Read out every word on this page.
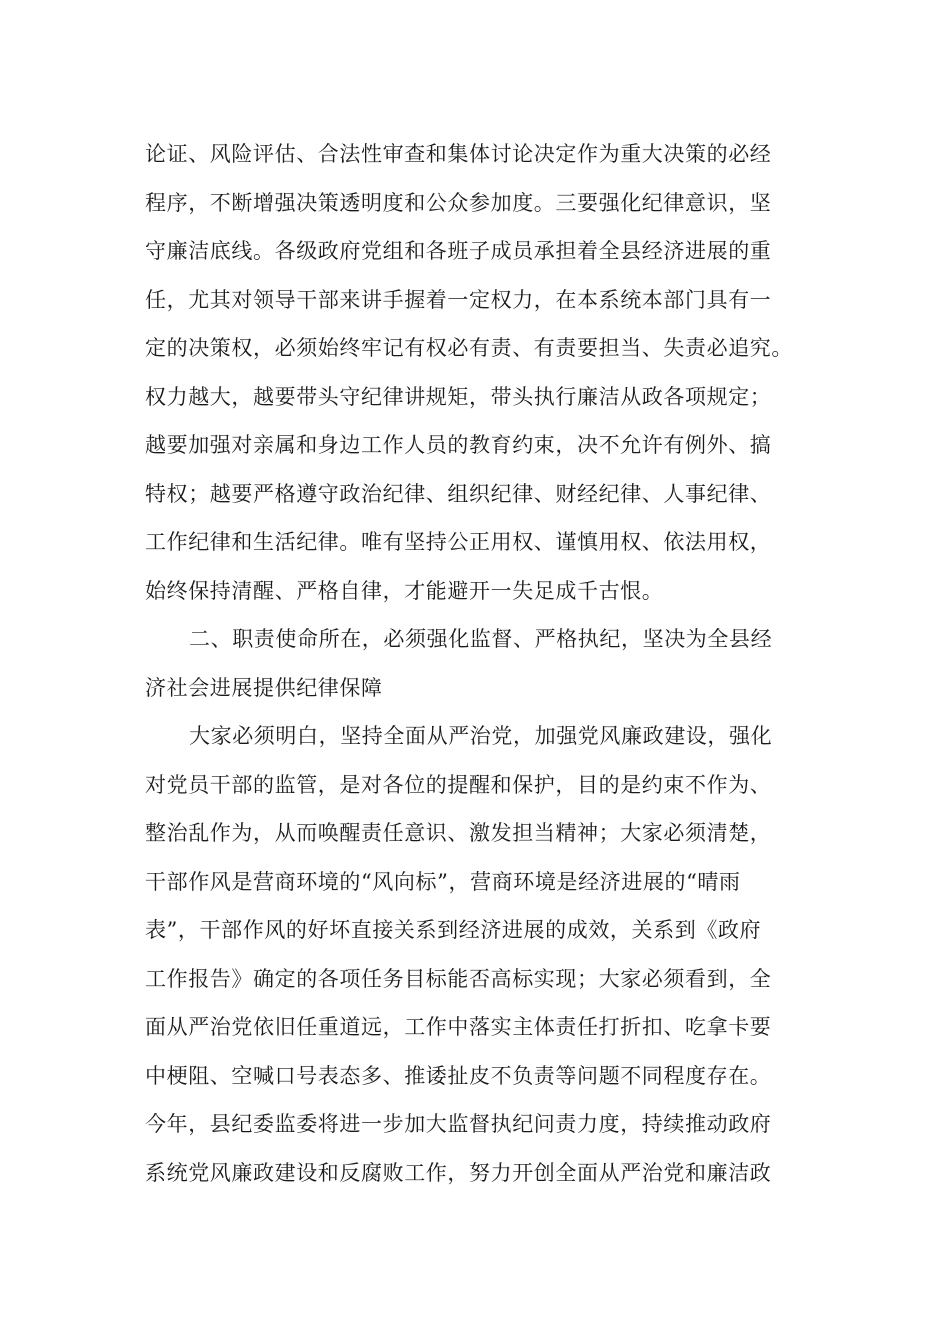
论证、风险评估、合法性审查和集体讨论决定作为重大决策的必经
程序，不断增强决策透明度和公众参加度。三要强化纪律意识，坚
守廉洁底线。各级政府党组和各班子成员承担着全县经济进展的重
任，尤其对领导干部来讲手握着一定权力，在本系统本部门具有一
定的决策权，必须始终牢记有权必有责、有责要担当、失责必追究。
权力越大，越要带头守纪律讲规矩，带头执行廉洁从政各项规定；
越要加强对亲属和身边工作人员的教育约束，决不允许有例外、搞
特权；越要严格遵守政治纪律、组织纪律、财经纪律、人事纪律、
工作纪律和生活纪律。唯有坚持公正用权、谨慎用权、依法用权，
始终保持清醒、严格自律，才能避开一失足成千古恨。
二、职责使命所在，必须强化监督、严格执纪，坚决为全县经
济社会进展提供纪律保障
大家必须明白，坚持全面从严治党，加强党风廉政建设，强化
对党员干部的监管，是对各位的提醒和保护，目的是约束不作为、
整治乱作为，从而唤醒责任意识、激发担当精神；大家必须清楚，
干部作风是营商环境的“风向标”，营商环境是经济进展的“晴雨
表”，干部作风的好坏直接关系到经济进展的成效，关系到《政府
工作报告》确定的各项任务目标能否高标实现；大家必须看到，全
面从严治党依旧任重道远，工作中落实主体责任打折扣、吃拿卡要
中梗阻、空喊口号表态多、推诿扯皮不负责等问题不同程度存在。
今年，县纪委监委将进一步加大监督执纪问责力度，持续推动政府
系统党风廉政建设和反腐败工作，努力开创全面从严治党和廉洁政
